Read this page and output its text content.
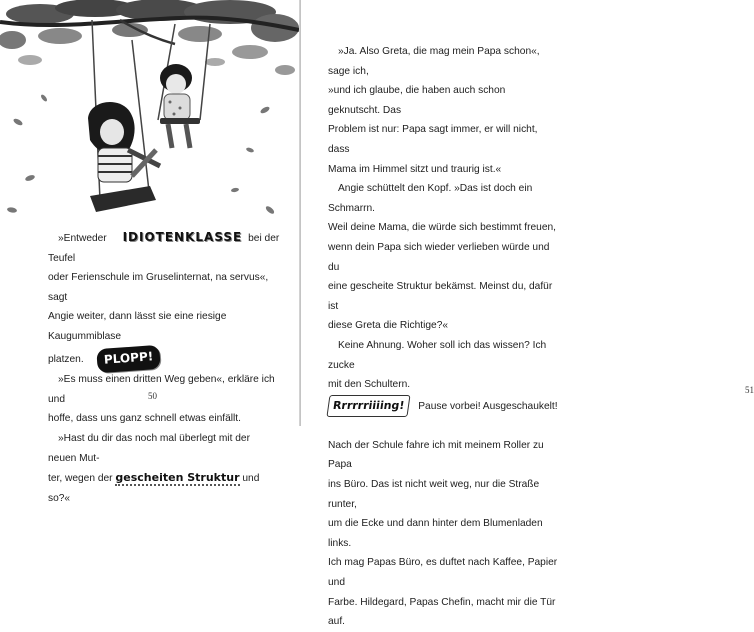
»Entweder IDIOTENKLASSE bei der Teufel

oder Ferienschule im Gruselinternat, na servus«, sagt

Angie weiter, dann lässt sie eine riesige Kaugummiblase

platzen. PLOPP!

»Es muss einen dritten Weg geben«, erkläre ich und

hoffe, dass uns ganz schnell etwas einfällt.

»Hast du dir das noch mal überlegt mit der neuen Mut-

ter, wegen der gescheiten Struktur und so?«

50
51

»Ja. Also Greta, die mag mein Papa schon«, sage ich,

»und ich glaube, die haben auch schon geknutscht. Das

Problem ist nur: Papa sagt immer, er will nicht, dass

Mama im Himmel sitzt und traurig ist.«

Angie schüttelt den Kopf. »Das ist doch ein Schmarrn.

Weil deine Mama, die würde sich bestimmt freuen,

wenn dein Papa sich wieder verlieben würde und du

eine gescheite Struktur bekämst. Meinst du, dafür ist

diese Greta die Richtige?«

Keine Ahnung. Woher soll ich das wissen? Ich zucke

mit den Schultern.

Rrrrrriiiing! Pause vorbei! Ausgeschaukelt!

Nach der Schule fahre ich mit meinem Roller zu Papa

ins Büro. Das ist nicht weit weg, nur die Straße runter,

um die Ecke und dann hinter dem Blumenladen links.

Ich mag Papas Büro, es duftet nach Kaffee, Papier und

Farbe. Hildegard, Papas Chefin, macht mir die Tür auf.
